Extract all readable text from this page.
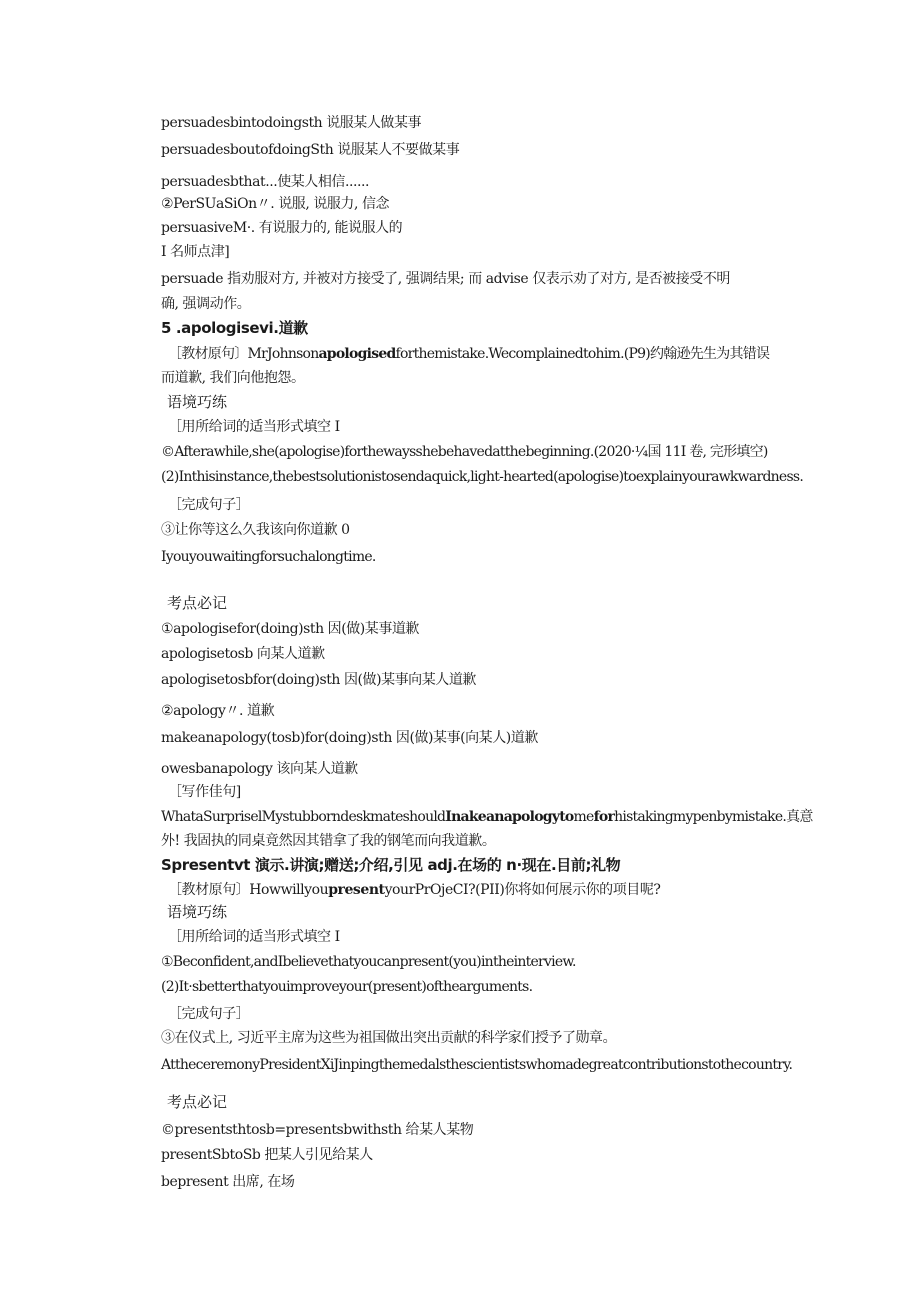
persuadesbintodoingsth 说服某人做某事
persuadesboutofdoingSth 说服某人不要做某事
persuadesbthat...使某人相信......
②PerSUaSiOn〃. 说服, 说服力, 信念
persuasiveM·. 有说服力的, 能说服人的
I 名师点津]
persuade 指劝服对方, 并被对方接受了, 强调结果; 而 advise 仅表示劝了对方, 是否被接受不明
确, 强调动作。
5 .apologisevi.道歉
［教材原句〕MrJohnsonapologisedforthemistake.Wecomplainedtohim.(P9)约翰逊先生为其错误
而道歉, 我们向他抱怨。
语境巧练
［用所给词的适当形式填空 I
©Afterawhile,she(apologise)forthewaysshebehavedatthebeginning.(2020·¼国 11I 卷, 完形填空)
(2)Inthisinstance,thebestsolutionistosendaquick,light-hearted(apologise)toexplainyourawkwardness.
［完成句子］
③让你等这么久我该向你道歉 0
Iyouyouwaitingforsuchalongtime.
考点必记
①apologisefor(doing)sth 因(做)某事道歉
apologisetosb 向某人道歉
apologisetosbfor(doing)sth 因(做)某事向某人道歉
②apology〃. 道歉
makeanapology(tosb)for(doing)sth 因(做)某事(向某人)道歉
owesbanapology 该向某人道歉
［写作佳句]
WhataSurpriselMystubborndeskmateshouldInakeanapologytomeforhistakingmypenbymistake.真意
外! 我固执的同桌竟然因其错拿了我的钢笔而向我道歉。
Spresentvt 演示.讲演;赠送;介绍,引见 adj.在场的 n·现在.目前;礼物
［教材原句〕HowwillyoupresentyourPrOjeCI?(PII)你将如何展示你的项目呢?
语境巧练
［用所给词的适当形式填空 I
①Beconfident,andIbelievethatyoucanpresent(you)intheinterview.
(2)It·sbetterthatyouimproveyour(present)ofthearguments.
［完成句子］
③在仪式上, 习近平主席为这些为祖国做出突出贡献的科学家们授予了勋章。
AttheceremonyPresidentXiJinpingthemedalsthescientistswhomadegreatcontributionstothecountry.
考点必记
©presentsthtosb=presentsbwithsth 给某人某物
presentSbtoSb 把某人引见给某人
bepresent 出席, 在场
